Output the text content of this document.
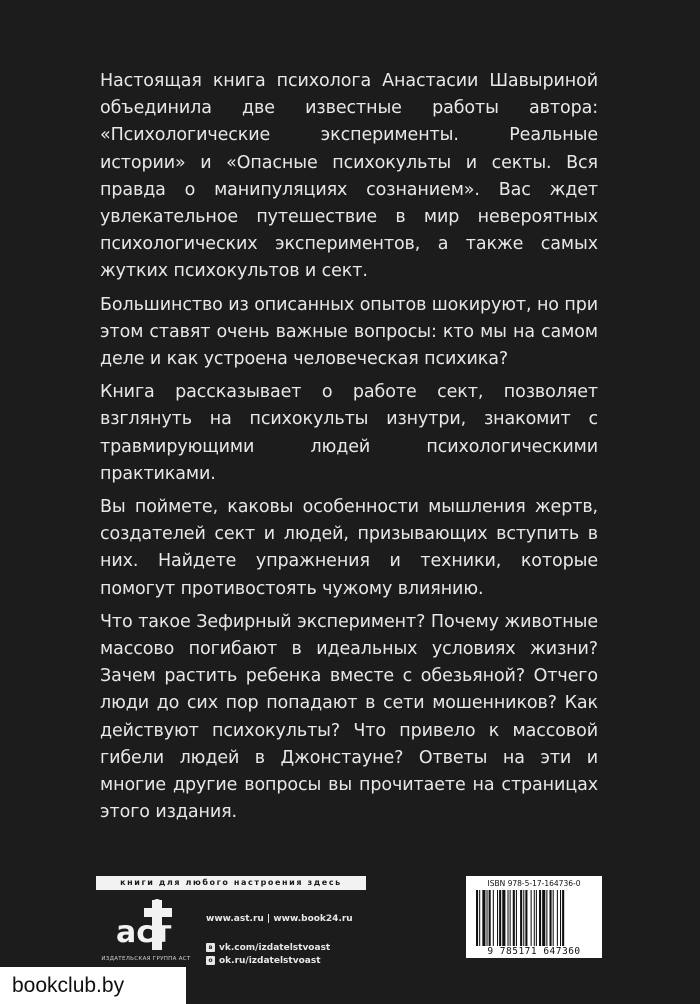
Настоящая книга психолога Анастасии Шавыриной объединила две известные работы автора: «Психологические эксперименты. Реальные истории» и «Опасные психокульты и секты. Вся правда о манипуляциях сознанием». Вас ждет увлекательное путешествие в мир невероятных психологических экспериментов, а также самых жутких психокультов и сект.

Большинство из описанных опытов шокируют, но при этом ставят очень важные вопросы: кто мы на самом деле и как устроена человеческая психика?

Книга рассказывает о работе сект, позволяет взглянуть на психокульты изнутри, знакомит с травмирующими людей психологическими практиками.

Вы поймете, каковы особенности мышления жертв, создателей сект и людей, призывающих вступить в них. Найдете упражнения и техники, которые помогут противостоять чужому влиянию.

Что такое Зефирный эксперимент? Почему животные массово погибают в идеальных условиях жизни? Зачем растить ребенка вместе с обезьяной? Отчего люди до сих пор попадают в сети мошенников? Как действуют психокульты? Что привело к массовой гибели людей в Джонстауне? Ответы на эти и многие другие вопросы вы прочитаете на страницах этого издания.

книги для любого настроения здесь
аст
ИЗДАТЕЛЬСКАЯ ГРУППА АСТ
www.ast.ru | www.book24.ru
в vk.com/izdatelstvoast
о ok.ru/izdatelstvoast
ISBN 978-5-17-164736-0
9 785171 647360
bookclub.by
